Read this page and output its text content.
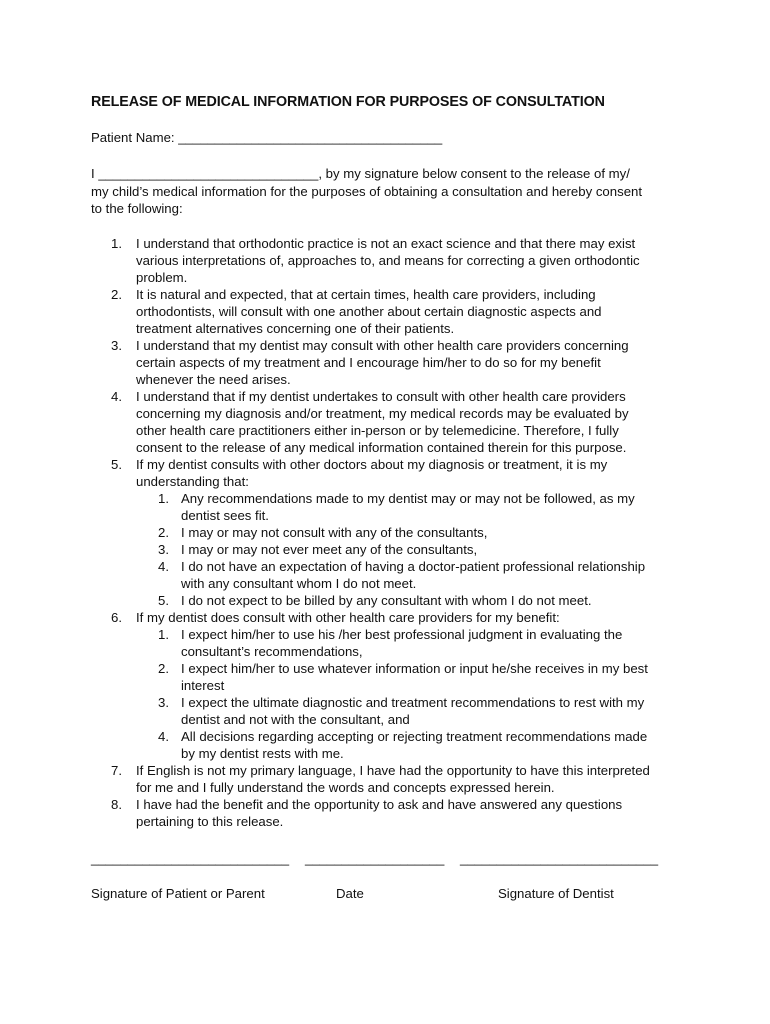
RELEASE OF MEDICAL INFORMATION FOR PURPOSES OF CONSULTATION
Patient Name: ____________________________________
I ______________________________, by my signature below consent to the release of my/
my child’s medical information for the purposes of obtaining a consultation and hereby consent
to the following:
1. I understand that orthodontic practice is not an exact science and that there may exist
various interpretations of, approaches to, and means for correcting a given orthodontic
problem.
2. It is natural and expected, that at certain times, health care providers, including
orthodontists, will consult with one another about certain diagnostic aspects and
treatment alternatives concerning one of their patients.
3. I understand that my dentist may consult with other health care providers concerning
certain aspects of my treatment and I encourage him/her to do so for my benefit
whenever the need arises.
4. I understand that if my dentist undertakes to consult with other health care providers
concerning my diagnosis and/or treatment, my medical records may be evaluated by
other health care practitioners either in-person or by telemedicine. Therefore, I fully
consent to the release of any medical information contained therein for this purpose.
5. If my dentist consults with other doctors about my diagnosis or treatment, it is my
understanding that:
1. Any recommendations made to my dentist may or may not be followed, as my
dentist sees fit.
2. I may or may not consult with any of the consultants,
3. I may or may not ever meet any of the consultants,
4. I do not have an expectation of having a doctor-patient professional relationship
with any consultant whom I do not meet.
5. I do not expect to be billed by any consultant with whom I do not meet.
6. If my dentist does consult with other health care providers for my benefit:
1. I expect him/her to use his /her best professional judgment in evaluating the
consultant’s recommendations,
2. I expect him/her to use whatever information or input he/she receives in my best
interest
3. I expect the ultimate diagnostic and treatment recommendations to rest with my
dentist and not with the consultant, and
4. All decisions regarding accepting or rejecting treatment recommendations made
by my dentist rests with me.
7. If English is not my primary language, I have had the opportunity to have this interpreted
for me and I fully understand the words and concepts expressed herein.
8. I have had the benefit and the opportunity to ask and have answered any questions
pertaining to this release.
___________________________ ___________________ ___________________________
Signature of Patient or Parent	Date	Signature of Dentist
